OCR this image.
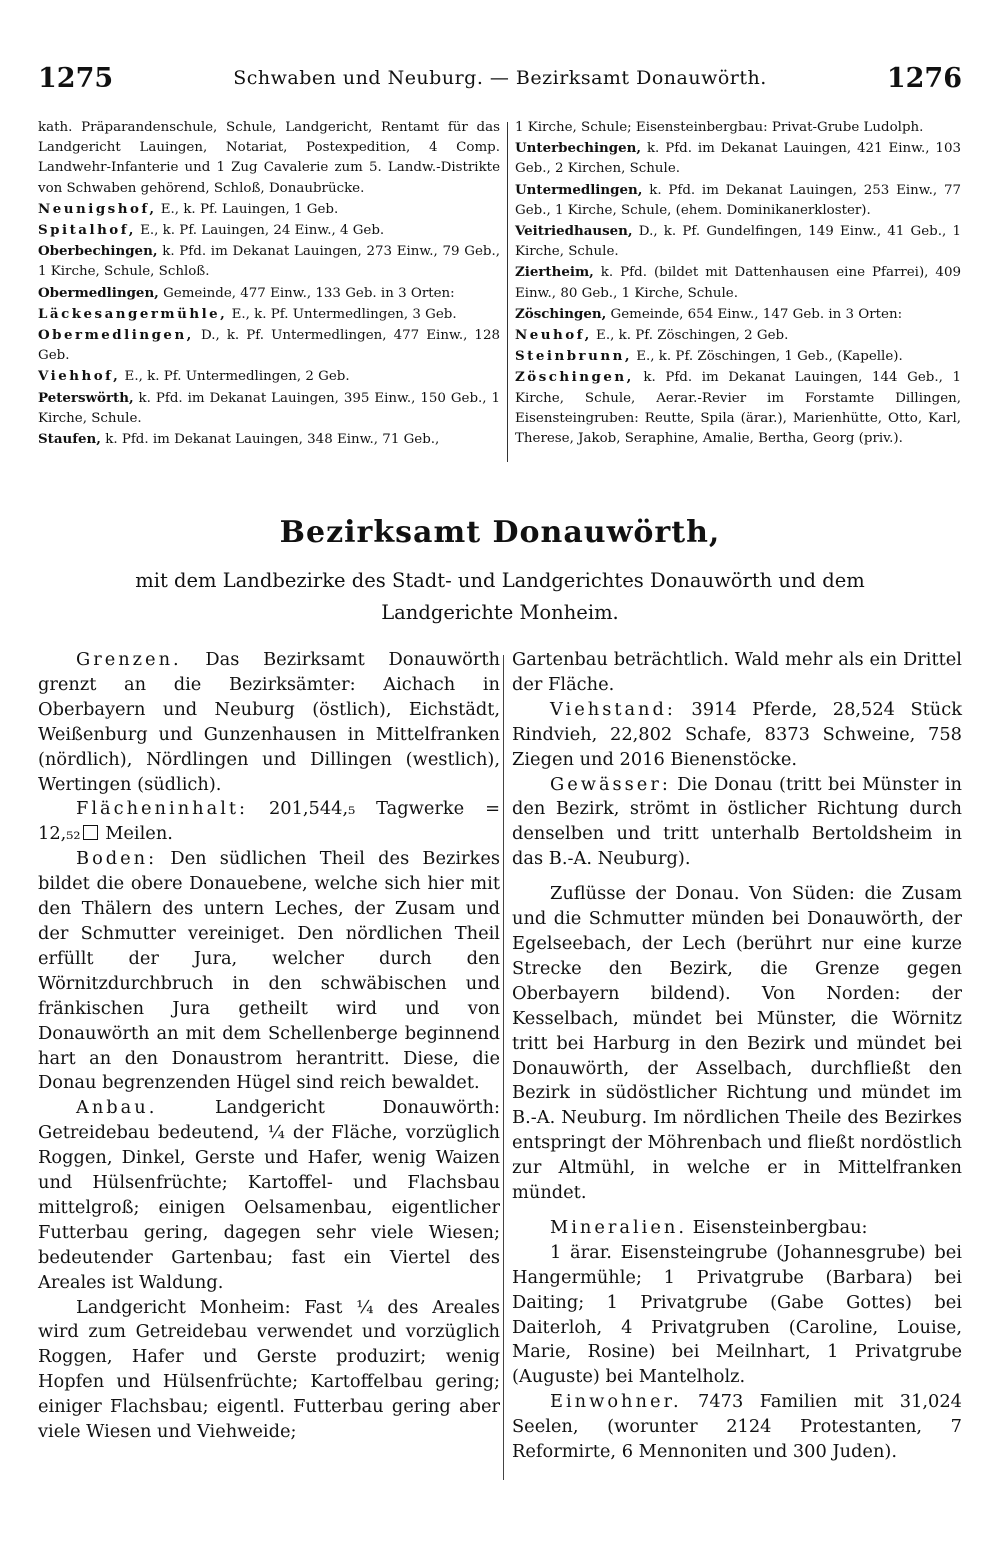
1275	Schwaben und Neuburg. — Bezirksamt Donauwörth.	1276

kath. Präparandenschule, Schule, Landgericht, Rentamt für das Landgericht Lauingen, Notariat, Postexpedition, 4 Comp. Landwehr-Infanterie und 1 Zug Cavalerie zum 5. Landw.-Distrikte von Schwaben gehörend, Schloß, Donaubrücke.

Neunigshof, E., k. Pf. Lauingen, 1 Geb.

Spitalhof, E., k. Pf. Lauingen, 24 Einw., 4 Geb.

Oberbechingen, k. Pfd. im Dekanat Lauingen, 273 Einw., 79 Geb., 1 Kirche, Schule, Schloß.

Obermedlingen, Gemeinde, 477 Einw., 133 Geb. in 3 Orten:

Läckesangermühle, E., k. Pf. Untermedlingen, 3 Geb.

Obermedlingen, D., k. Pf. Untermedlingen, 477 Einw., 128 Geb.

Viehhof, E., k. Pf. Untermedlingen, 2 Geb.

Peterswörth, k. Pfd. im Dekanat Lauingen, 395 Einw., 150 Geb., 1 Kirche, Schule.

Staufen, k. Pfd. im Dekanat Lauingen, 348 Einw., 71 Geb.,

1 Kirche, Schule; Eisensteinbergbau: Privat-Grube Ludolph.

Unterbechingen, k. Pfd. im Dekanat Lauingen, 421 Einw., 103 Geb., 2 Kirchen, Schule.

Untermedlingen, k. Pfd. im Dekanat Lauingen, 253 Einw., 77 Geb., 1 Kirche, Schule, (ehem. Dominikanerkloster).

Veitriedhausen, D., k. Pf. Gundelfingen, 149 Einw., 41 Geb., 1 Kirche, Schule.

Ziertheim, k. Pfd. (bildet mit Dattenhausen eine Pfarrei), 409 Einw., 80 Geb., 1 Kirche, Schule.

Zöschingen, Gemeinde, 654 Einw., 147 Geb. in 3 Orten:

Neuhof, E., k. Pf. Zöschingen, 2 Geb.

Steinbrunn, E., k. Pf. Zöschingen, 1 Geb., (Kapelle).

Zöschingen, k. Pfd. im Dekanat Lauingen, 144 Geb., 1 Kirche, Schule, Aerar.-Revier im Forstamte Dillingen, Eisensteingruben: Reutte, Spila (ärar.), Marienhütte, Otto, Karl, Therese, Jakob, Seraphine, Amalie, Bertha, Georg (priv.).

Bezirksamt Donauwörth,
mit dem Landbezirke des Stadt- und Landgerichtes Donauwörth und dem Landgerichte Monheim.

Grenzen. Das Bezirksamt Donauwörth grenzt an die Bezirksämter: Aichach in Oberbayern und Neuburg (östlich), Eichstädt, Weißenburg und Gunzenhausen in Mittelfranken (nördlich), Nördlingen und Dillingen (westlich), Wertingen (südlich).

Flächeninhalt: 201,544,₅ Tagwerke = 12,₅₂ Meilen.

Boden: Den südlichen Theil des Bezirkes bildet die obere Donauebene, welche sich hier mit den Thälern des untern Leches, der Zusam und der Schmutter vereiniget. Den nördlichen Theil erfüllt der Jura, welcher durch den Wörnitzdurchbruch in den schwäbischen und fränkischen Jura getheilt wird und von Donauwörth an mit dem Schellenberge beginnend hart an den Donaustrom herantritt. Diese, die Donau begrenzenden Hügel sind reich bewaldet.

Anbau. Landgericht Donauwörth: Getreidebau bedeutend, ¼ der Fläche, vorzüglich Roggen, Dinkel, Gerste und Hafer, wenig Waizen und Hülsenfrüchte; Kartoffel- und Flachsbau mittelgroß; einigen Oelsamenbau, eigentlicher Futterbau gering, dagegen sehr viele Wiesen; bedeutender Gartenbau; fast ein Viertel des Areales ist Waldung.

Landgericht Monheim: Fast ¼ des Areales wird zum Getreidebau verwendet und vorzüglich Roggen, Hafer und Gerste produzirt; wenig Hopfen und Hülsenfrüchte; Kartoffelbau gering; einiger Flachsbau; eigentl. Futterbau gering aber viele Wiesen und Viehweide;

Gartenbau beträchtlich. Wald mehr als ein Drittel der Fläche.

Viehstand: 3914 Pferde, 28,524 Stück Rindvieh, 22,802 Schafe, 8373 Schweine, 758 Ziegen und 2016 Bienenstöcke.

Gewässer: Die Donau (tritt bei Münster in den Bezirk, strömt in östlicher Richtung durch denselben und tritt unterhalb Bertoldsheim in das B.-A. Neuburg).

Zuflüsse der Donau. Von Süden: die Zusam und die Schmutter münden bei Donauwörth, der Egelseebach, der Lech (berührt nur eine kurze Strecke den Bezirk, die Grenze gegen Oberbayern bildend). Von Norden: der Kesselbach, mündet bei Münster, die Wörnitz tritt bei Harburg in den Bezirk und mündet bei Donauwörth, der Asselbach, durchfließt den Bezirk in südöstlicher Richtung und mündet im B.-A. Neuburg. Im nördlichen Theile des Bezirkes entspringt der Möhrenbach und fließt nordöstlich zur Altmühl, in welche er in Mittelfranken mündet.

Mineralien. Eisensteinbergbau:

1 ärar. Eisensteingrube (Johannesgrube) bei Hangermühle; 1 Privatgrube (Barbara) bei Daiting; 1 Privatgrube (Gabe Gottes) bei Daiterloh, 4 Privatgruben (Caroline, Louise, Marie, Rosine) bei Meilnhart, 1 Privatgrube (Auguste) bei Mantelholz.

Einwohner. 7473 Familien mit 31,024 Seelen, (worunter 2124 Protestanten, 7 Reformirte, 6 Mennoniten und 300 Juden).
